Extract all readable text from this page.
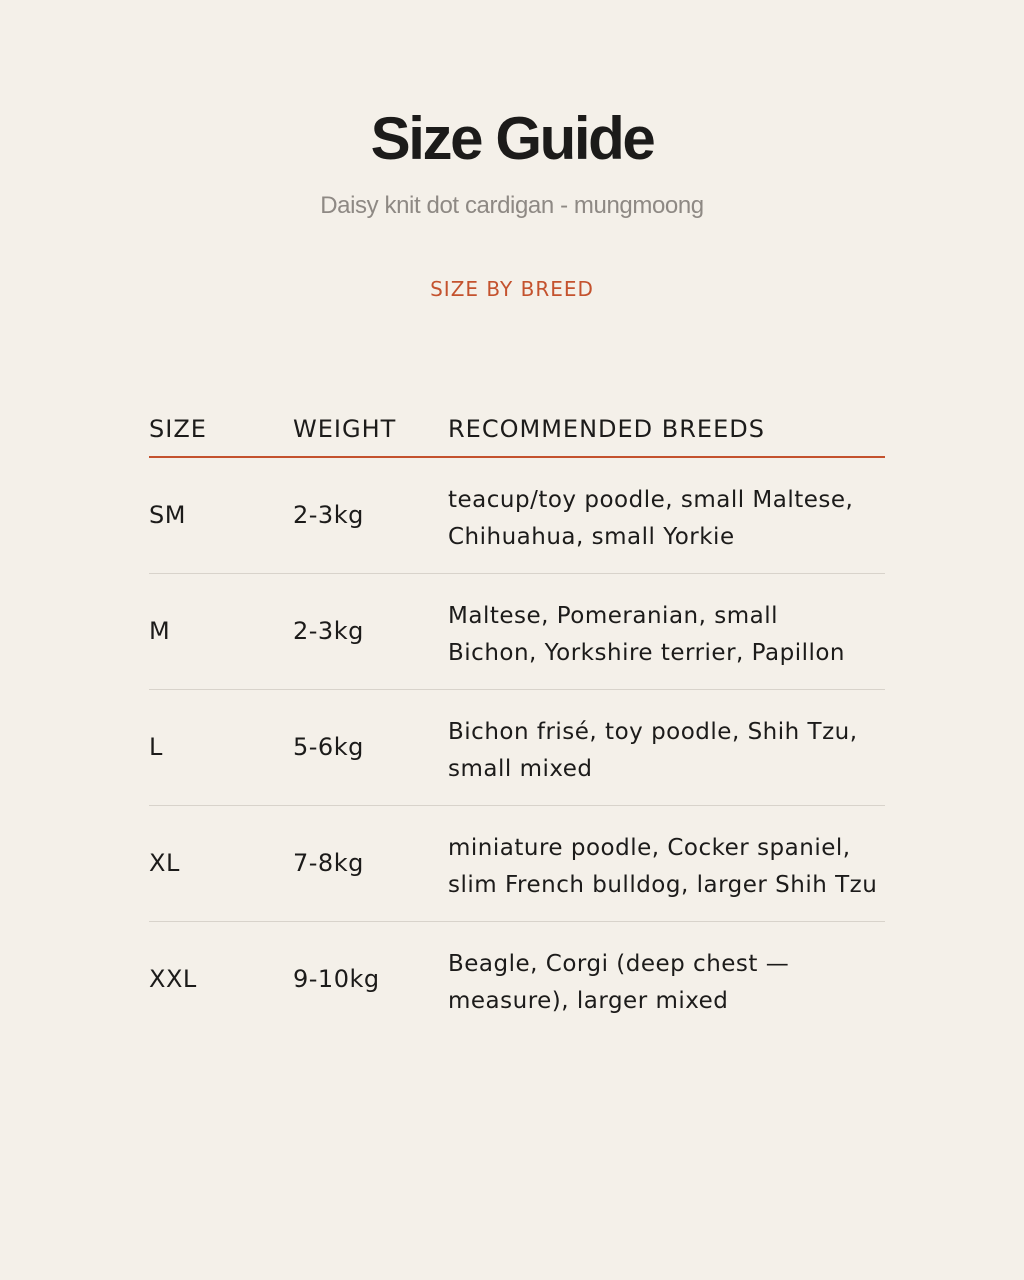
Size Guide

Daisy knit dot cardigan - mungmoong

SIZE BY BREED

SIZE	WEIGHT RECOMMENDED BREEDS
SM	2-3kg
teacup/toy poodle, small Maltese,
Chihuahua, small Yorkie
M	2-3kg
Maltese, Pomeranian, small
Bichon, Yorkshire terrier, Papillon
L	5-6kg
Bichon frisé, toy poodle, Shih Tzu,
small mixed
XL	7-8kg
miniature poodle, Cocker spaniel,
slim French bulldog, larger Shih Tzu
XXL	9-10kg
Beagle, Corgi (deep chest —
measure), larger mixed
